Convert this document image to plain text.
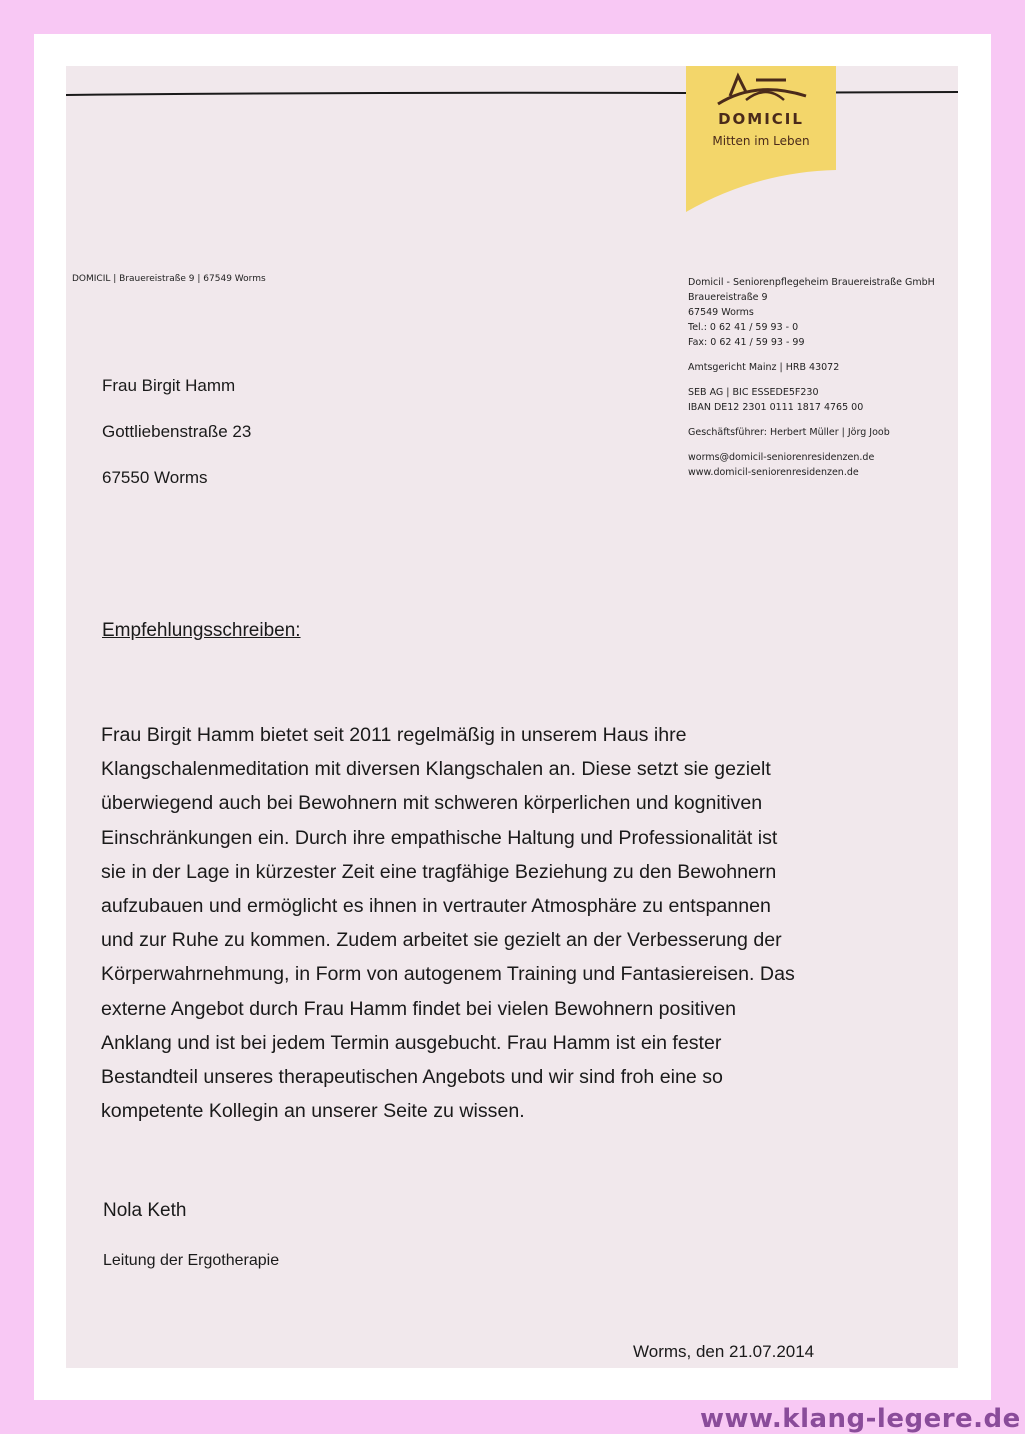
DOMICIL
Mitten im Leben
DOMICIL | Brauereistraße 9 | 67549 Worms	Domicil - Seniorenpflegeheim Brauereistraße GmbH
Brauereistraße 9
67549 Worms
Tel.: 0 62 41 / 59 93 - 0
Fax: 0 62 41 / 59 93 - 99
Amtsgericht Mainz | HRB 43072
SEB AG | BIC ESSEDE5F230
IBAN DE12 2301 0111 1817 4765 00
Geschäftsführer: Herbert Müller | Jörg Joob
worms@domicil-seniorenresidenzen.de
www.domicil-seniorenresidenzen.de
Frau Birgit Hamm
Gottliebenstraße 23
67550 Worms
Empfehlungsschreiben:
Frau Birgit Hamm bietet seit 2011 regelmäßig in unserem Haus ihre
Klangschalenmeditation mit diversen Klangschalen an. Diese setzt sie gezielt
überwiegend auch bei Bewohnern mit schweren körperlichen und kognitiven
Einschränkungen ein. Durch ihre empathische Haltung und Professionalität ist
sie in der Lage in kürzester Zeit eine tragfähige Beziehung zu den Bewohnern
aufzubauen und ermöglicht es ihnen in vertrauter Atmosphäre zu entspannen
und zur Ruhe zu kommen. Zudem arbeitet sie gezielt an der Verbesserung der
Körperwahrnehmung, in Form von autogenem Training und Fantasiereisen. Das
externe Angebot durch Frau Hamm findet bei vielen Bewohnern positiven
Anklang und ist bei jedem Termin ausgebucht. Frau Hamm ist ein fester
Bestandteil unseres therapeutischen Angebots und wir sind froh eine so
kompetente Kollegin an unserer Seite zu wissen.
Nola Keth
Leitung der Ergotherapie
Worms, den 21.07.2014
www.klang-legere.de
